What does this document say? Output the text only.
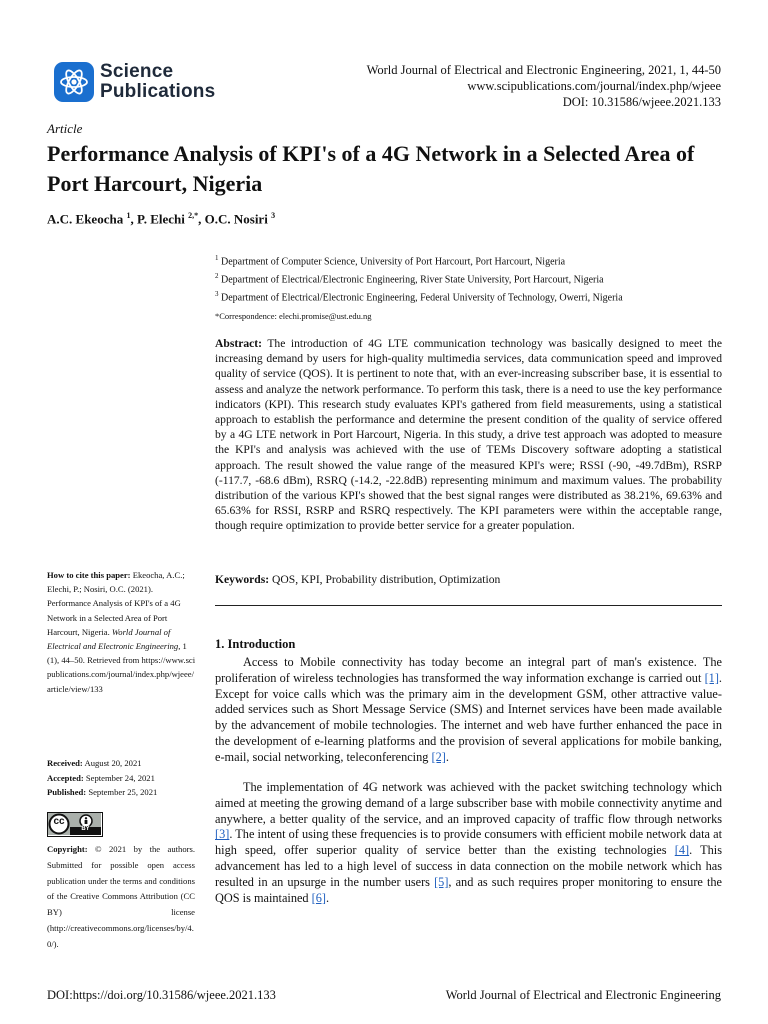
Science
Publications
World Journal of Electrical and Electronic Engineering, 2021, 1, 44-50
www.scipublications.com/journal/index.php/wjeee
DOI: 10.31586/wjeee.2021.133
Article
Performance Analysis of KPI's of a 4G Network in a Selected Area of Port Harcourt, Nigeria
A.C. Ekeocha $^1$, P. Elechi $^{2,*}$, O.C. Nosiri $^3$
$^1$ Department of Computer Science, University of Port Harcourt, Port Harcourt, Nigeria
$^2$ Department of Electrical/Electronic Engineering, River State University, Port Harcourt, Nigeria
$^3$ Department of Electrical/Electronic Engineering, Federal University of Technology, Owerri, Nigeria
*Correspondence: elechi.promise@ust.edu.ng

Abstract: The introduction of 4G LTE communication technology was basically designed to meet the increasing demand by users for high-quality multimedia services, data communication speed and improved quality of service (QOS). It is pertinent to note that, with an ever-increasing subscriber base, it is essential to assess and analyze the network performance. To perform this task, there is a need to use the key performance indicators (KPI). This research study evaluates KPI's gathered from field measurements, using a statistical approach to establish the performance and determine the present condition of the quality of service offered by a 4G LTE network in Port Harcourt, Nigeria. In this study, a drive test approach was adopted to measure the KPI's and analysis was achieved with the use of TEMs Discovery software adopting a statistical approach. The result showed the value range of the measured KPI's were; RSSI (-90, -49.7dBm), RSRP (-117.7, -68.6 dBm), RSRQ (-14.2, -22.8dB) representing minimum and maximum values. The probability distribution of the various KPI's showed that the best signal ranges were distributed as 38.21%, 69.63% and 65.63% for RSSI, RSRP and RSRQ respectively. The KPI parameters were within the acceptable range, though require optimization to provide better service for a greater population.

Keywords: QOS, KPI, Probability distribution, Optimization

How to cite this paper: Ekeocha, A.C.; Elechi, P.; Nosiri, O.C. (2021). Performance Analysis of KPI's of a 4G Network in a Selected Area of Port Harcourt, Nigeria. World Journal of Electrical and Electronic Engineering, 1(1), 44–50. Retrieved from https://www.scipublications.com/journal/index.php/wjeee/article/view/133

Received: August 20, 2021
Accepted: September 24, 2021
Published: September 25, 2021
cc
BY

Copyright: © 2021 by the authors. Submitted for possible open access publication under the terms and conditions of the Creative Commons Attribution (CC BY) license (http://creativecommons.org/licenses/by/4.0/).

1. Introduction

Access to Mobile connectivity has today become an integral part of man's existence. The proliferation of wireless technologies has transformed the way information exchange is carried out [1]. Except for voice calls which was the primary aim in the development GSM, other attractive value-added services such as Short Message Service (SMS) and Internet services have been made available by the advancement of mobile technologies. The internet and web have further enhanced the pace in the development of e-learning platforms and the provision of several applications for mobile banking, e-mail, social networking, teleconferencing [2].

The implementation of 4G network was achieved with the packet switching technology which aimed at meeting the growing demand of a large subscriber base with mobile connectivity anytime and anywhere, a better quality of the service, and an improved capacity of traffic flow through networks [3]. The intent of using these frequencies is to provide consumers with efficient mobile network data at high speed, offer superior quality of service better than the existing technologies [4]. This advancement has led to a high level of success in data connection on the mobile network which has resulted in an upsurge in the number users [5], and as such requires proper monitoring to ensure the QOS is maintained [6].

DOI:https://doi.org/10.31586/wjeee.2021.133	World Journal of Electrical and Electronic Engineering
